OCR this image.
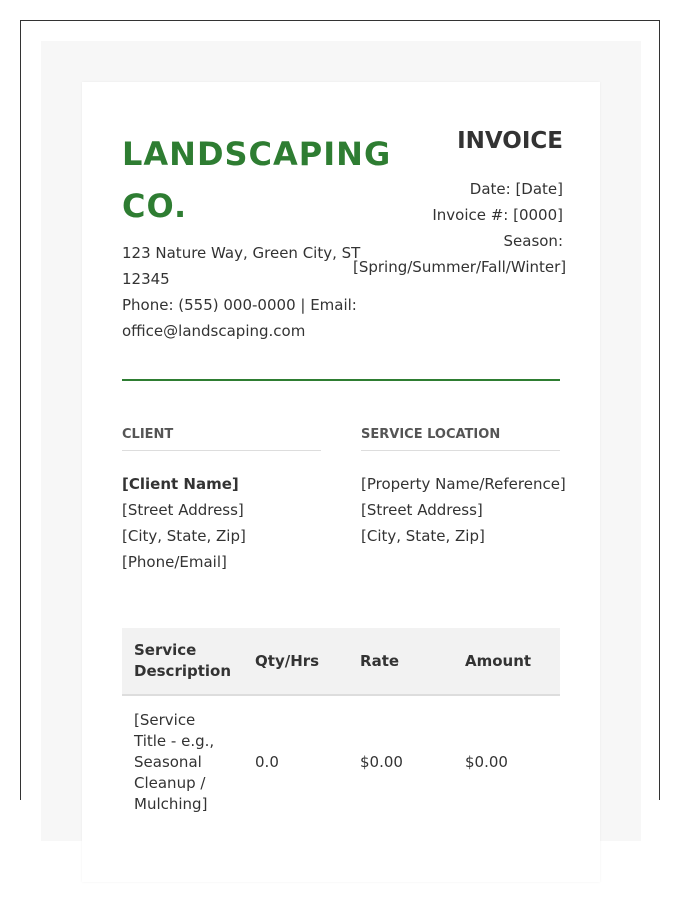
LANDSCAPING CO.
123 Nature Way, Green City, ST 12345
Phone: (555) 000-0000 | Email: office@landscaping.com
INVOICE
Date: [Date]
Invoice #: [0000]
Season: [Spring/Summer/Fall/Winter]
CLIENT
[Client Name]
[Street Address]
[City, State, Zip]
[Phone/Email]
SERVICE LOCATION
[Property Name/Reference]
[Street Address]
[City, State, Zip]
Service Description	Qty/Hrs	Rate	Amount
[Service Title - e.g., Seasonal Cleanup / Mulching]	0.0	$0.00	$0.00
